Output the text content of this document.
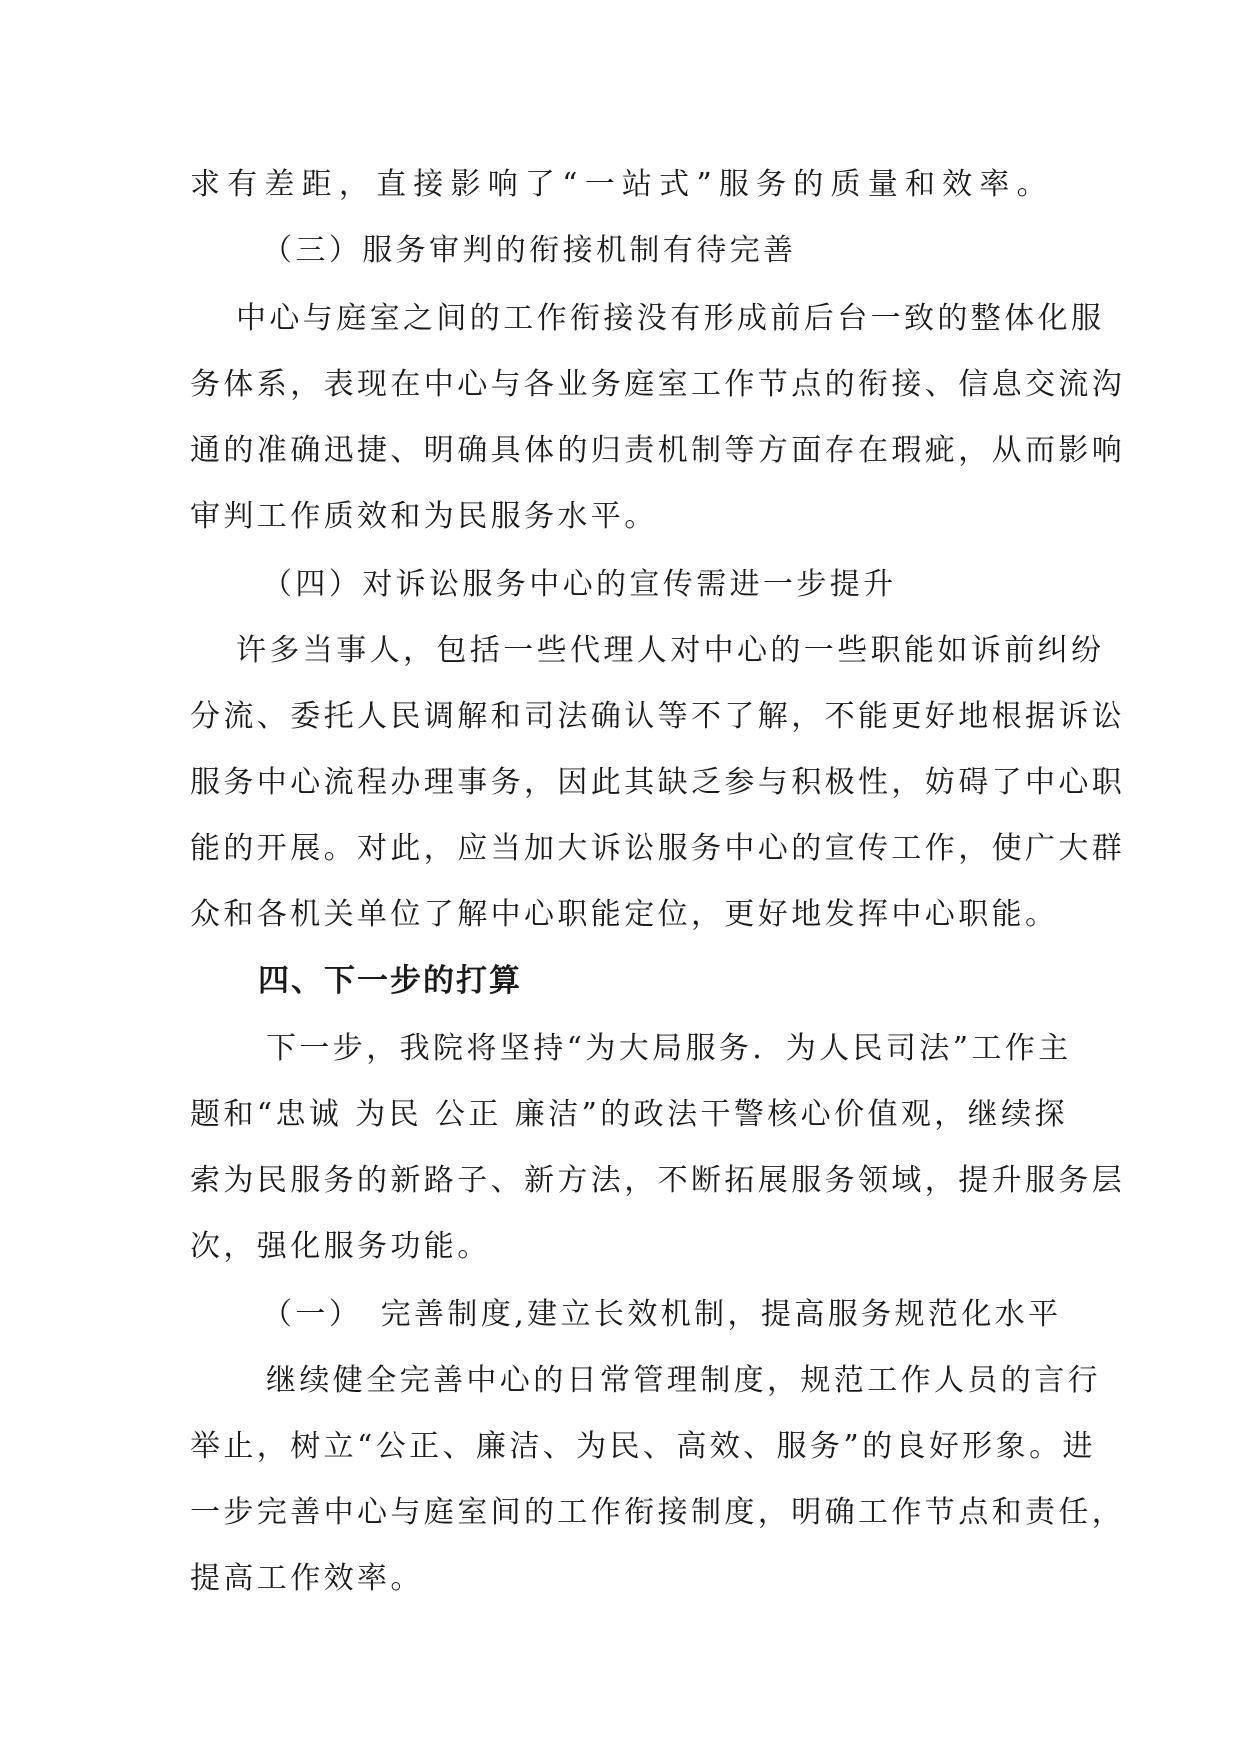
求有差距，直接影响了“一站式”服务的质量和效率。
（三）服务审判的衔接机制有待完善
中心与庭室之间的工作衔接没有形成前后台一致的整体化服
务体系，表现在中心与各业务庭室工作节点的衔接、信息交流沟
通的准确迅捷、明确具体的归责机制等方面存在瑕疵，从而影响
审判工作质效和为民服务水平。
（四）对诉讼服务中心的宣传需进一步提升
许多当事人，包括一些代理人对中心的一些职能如诉前纠纷
分流、委托人民调解和司法确认等不了解，不能更好地根据诉讼
服务中心流程办理事务，因此其缺乏参与积极性，妨碍了中心职
能的开展。对此，应当加大诉讼服务中心的宣传工作，使广大群
众和各机关单位了解中心职能定位，更好地发挥中心职能。
四、下一步的打算
下一步，我院将坚持“为大局服务．为人民司法”工作主
题和“忠诚 为民 公正 廉洁”的政法干警核心价值观，继续探
索为民服务的新路子、新方法，不断拓展服务领域，提升服务层
次，强化服务功能。
（一）　完善制度,建立长效机制，提高服务规范化水平
继续健全完善中心的日常管理制度，规范工作人员的言行
举止，树立“公正、廉洁、为民、高效、服务”的良好形象。进
一步完善中心与庭室间的工作衔接制度，明确工作节点和责任，
提高工作效率。
